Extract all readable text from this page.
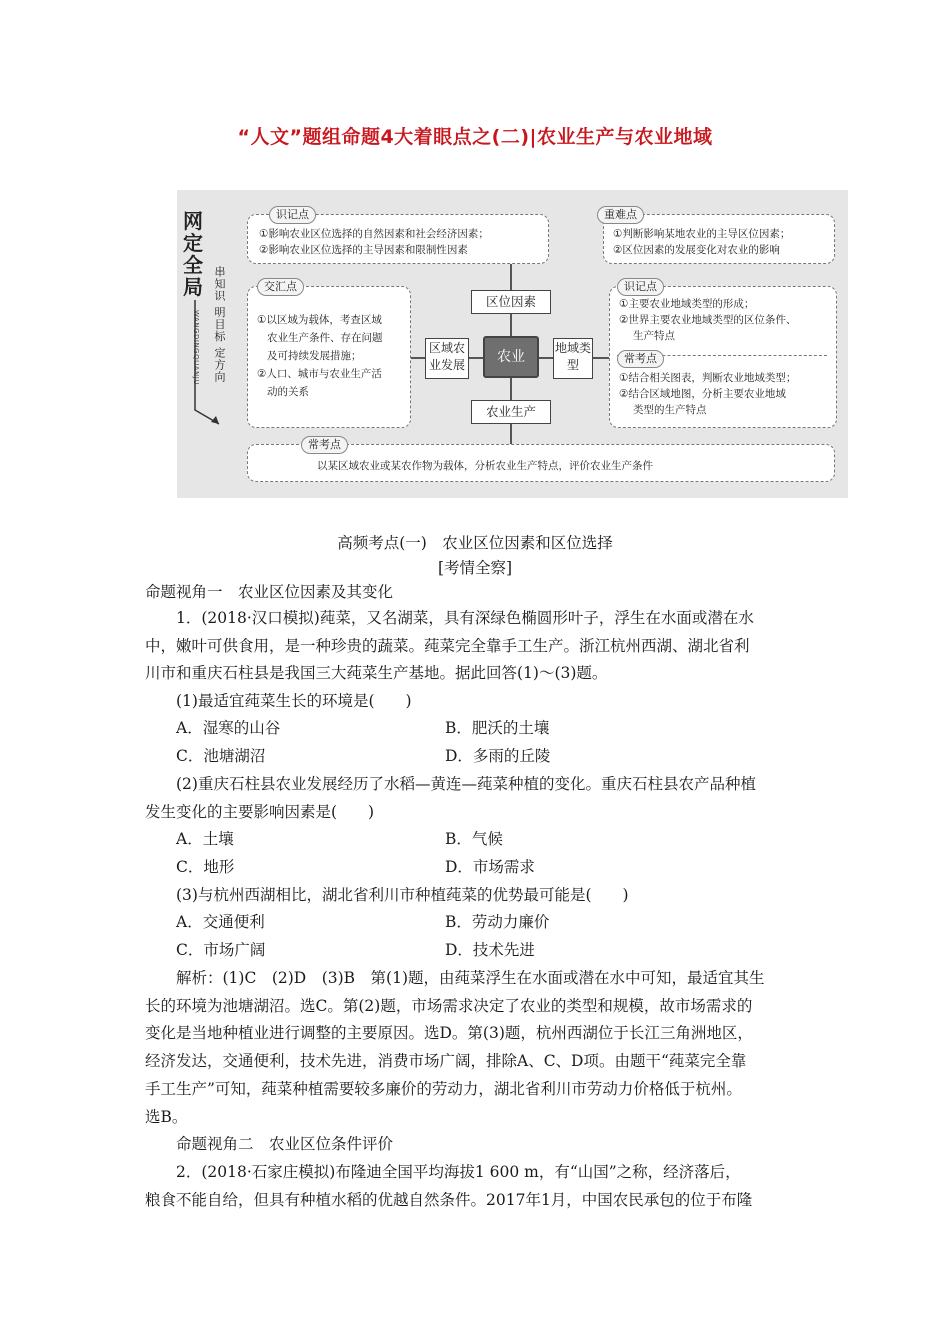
“人文”题组命题4大着眼点之(二)|农业生产与农业地域
网定全局 串知识 明目标 定方向
WANGDINGQUANJU
识记点
①影响农业区位选择的自然因素和社会经济因素；
②影响农业区位选择的主导因素和限制性因素
重难点
①判断影响某地农业的主导区位因素；
②区位因素的发展变化对农业的影响
交汇点
①以区域为载体，考查区域
农业生产条件、存在问题
及可持续发展措施；
②人口、城市与农业生产活
动的关系
识记点
①主要农业地域类型的形成；
②世界主要农业地域类型的区位条件、
生产特点
常考点
①结合相关图表，判断农业地域类型；
②结合区域地图，分析主要农业地域
类型的生产特点
常考点
以某区域农业或某农作物为载体，分析农业生产特点，评价农业生产条件
区位因素
农业生产
区域农业发展
地域类型
农业
高频考点(一)　农业区位因素和区位选择
[考情全察]
命题视角一　农业区位因素及其变化
1．(2018·汉口模拟)莼菜，又名湖菜，具有深绿色椭圆形叶子，浮生在水面或潜在水
中，嫩叶可供食用，是一种珍贵的蔬菜。莼菜完全靠手工生产。浙江杭州西湖、湖北省利
川市和重庆石柱县是我国三大莼菜生产基地。据此回答(1)～(3)题。
(1)最适宜莼菜生长的环境是(　　)
A．湿寒的山谷	B．肥沃的土壤
C．池塘湖沼	D．多雨的丘陵
(2)重庆石柱县农业发展经历了水稻—黄连—莼菜种植的变化。重庆石柱县农产品种植
发生变化的主要影响因素是(　　)
A．土壤	B．气候
C．地形	D．市场需求
(3)与杭州西湖相比，湖北省利川市种植莼菜的优势最可能是(　　)
A．交通便利	B．劳动力廉价
C．市场广阔	D．技术先进
解析：(1)C　(2)D　(3)B　第(1)题，由莼菜浮生在水面或潜在水中可知，最适宜其生
长的环境为池塘湖沼。选C。第(2)题，市场需求决定了农业的类型和规模，故市场需求的
变化是当地种植业进行调整的主要原因。选D。第(3)题，杭州西湖位于长江三角洲地区，
经济发达，交通便利，技术先进，消费市场广阔，排除A、C、D项。由题干“莼菜完全靠
手工生产”可知，莼菜种植需要较多廉价的劳动力，湖北省利川市劳动力价格低于杭州。
选B。
命题视角二　农业区位条件评价
2．(2018·石家庄模拟)布隆迪全国平均海拔1 600 m，有“山国”之称，经济落后，
粮食不能自给，但具有种植水稻的优越自然条件。2017年1月，中国农民承包的位于布隆
